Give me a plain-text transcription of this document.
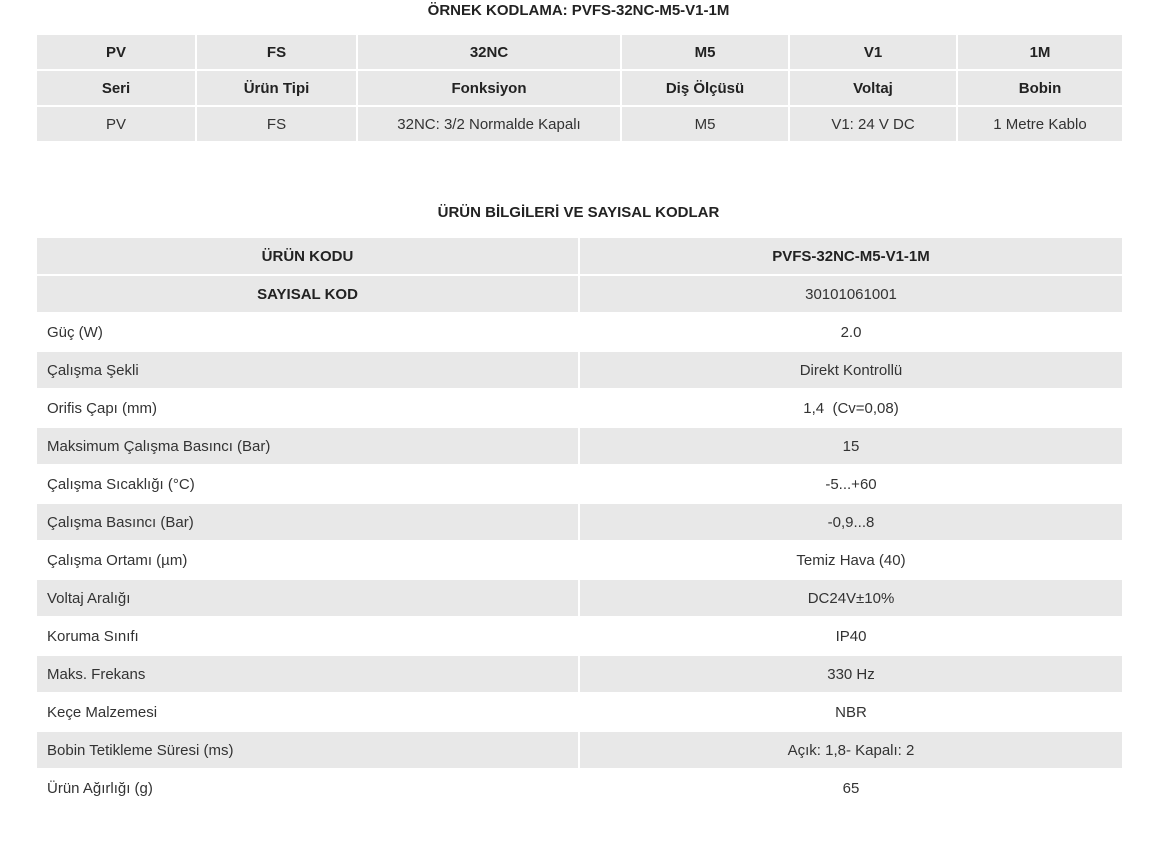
ÖRNEK KODLAMA: PVFS-32NC-M5-V1-1M
PV	FS	32NC	M5	V1	1M
Seri	Ürün Tipi	Fonksiyon	Diş Ölçüsü	Voltaj	Bobin
PV	FS	32NC: 3/2 Normalde Kapalı	M5	V1: 24 V DC	1 Metre Kablo
ÜRÜN BİLGİLERİ VE SAYISAL KODLAR
ÜRÜN KODU	PVFS-32NC-M5-V1-1M
SAYISAL KOD	30101061001
Güç (W)	2.0
Çalışma Şekli	Direkt Kontrollü
Orifis Çapı (mm)	1,4  (Cv=0,08)
Maksimum Çalışma Basıncı (Bar)	15
Çalışma Sıcaklığı (°C)	-5...+60
Çalışma Basıncı (Bar)	-0,9...8
Çalışma Ortamı (µm)	Temiz Hava (40)
Voltaj Aralığı	DC24V±10%
Koruma Sınıfı	IP40
Maks. Frekans	330 Hz
Keçe Malzemesi	NBR
Bobin Tetikleme Süresi (ms)	Açık: 1,8- Kapalı: 2
Ürün Ağırlığı (g)	65
